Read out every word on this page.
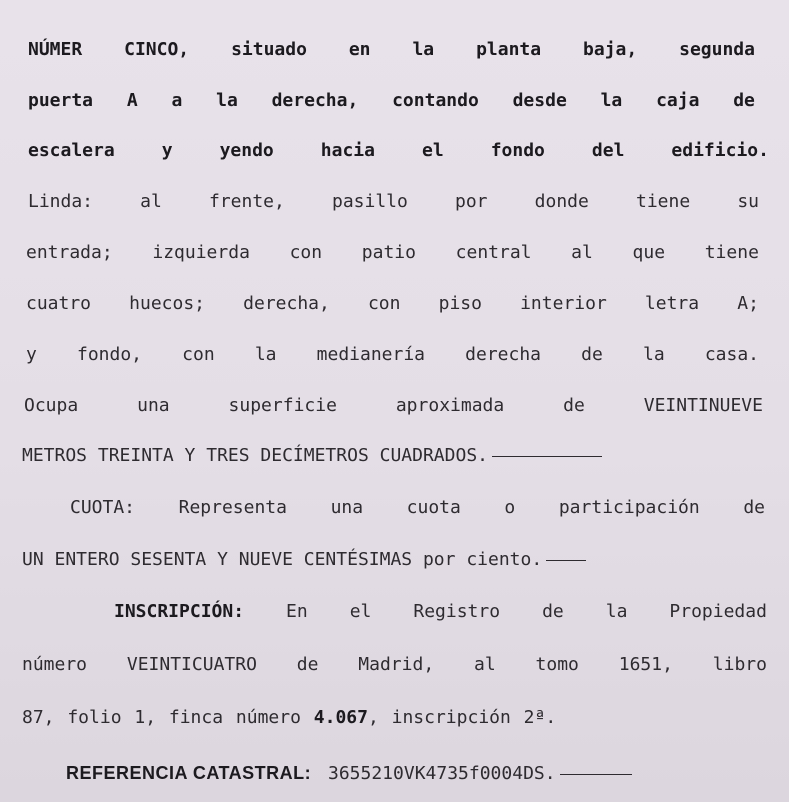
NÚMER CINCO, situado en la planta baja, segunda
puerta A a la derecha, contando desde la caja de
escalera	y	yendo	hacia	el	fondo	del	edificio.
Linda:	al	frente,	pasillo	por	donde	tiene	su
entrada; izquierda con patio central al que tiene
cuatro huecos; derecha, con piso interior letra A;
y fondo, con la medianería derecha de la casa.
Ocupa	una	superficie	aproximada	de	VEINTINUEVE
METROS TREINTA Y TRES DECÍMETROS CUADRADOS.
CUOTA: Representa una cuota o participación de
UN ENTERO SESENTA Y NUEVE CENTÉSIMAS por ciento.
INSCRIPCIÓN: En el Registro de la Propiedad
número VEINTICUATRO de Madrid, al tomo 1651, libro
87, folio 1, finca número 4.067, inscripción 2ª.
REFERENCIA CATASTRAL: 3655210VK4735f0004DS.
